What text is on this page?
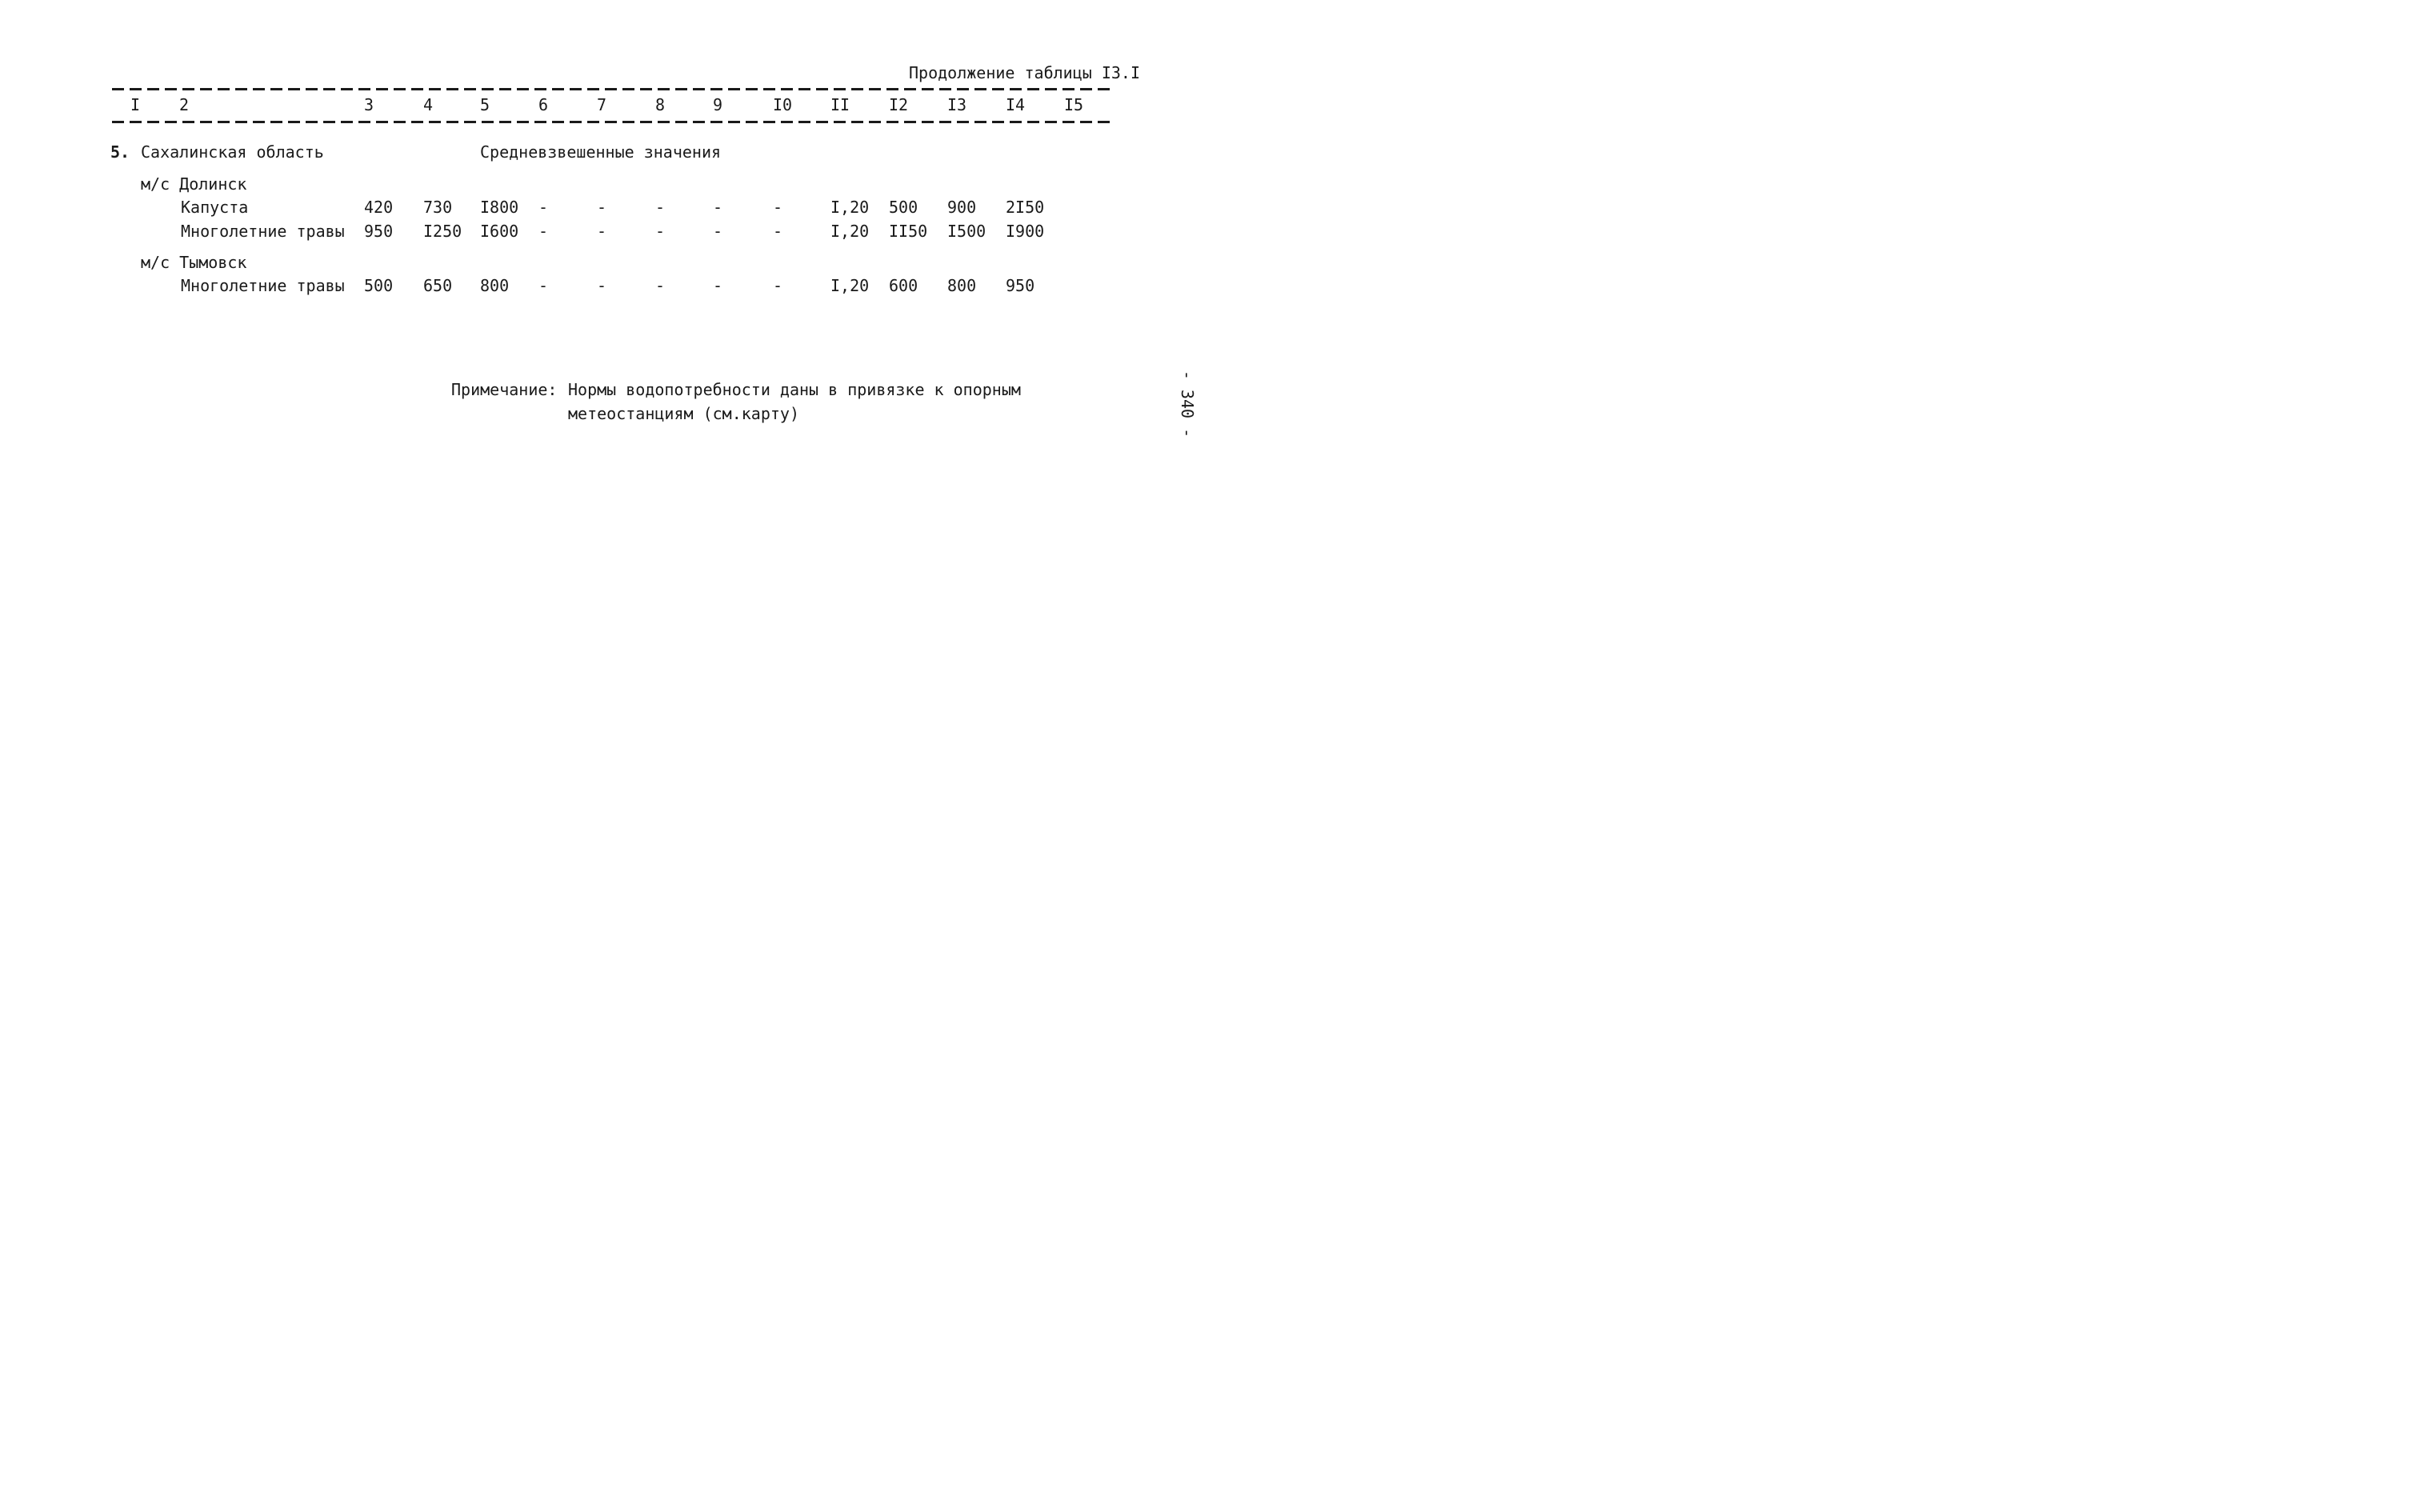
Продолжение таблицы I3.I
I 2	3	4	5	6	7	8	9	I0 II I2 I3 I4 I5
5. Сахалинская область	Средневзвешенные значения
м/с Долинск
Капуста	420 730 I800 -	-	-	-	-	I,20 500 900 2I50
Многолетние травы 950 I250 I600 -	-	-	-	-	I,20 II50 I500 I900
м/с Тымовск
Многолетние травы 500 650 800 -	-	-	-	-	I,20 600 800 950
Примечание: Нормы водопотребности даны в привязке к опорным
метеостанциям (см.карту)	- 340 -
